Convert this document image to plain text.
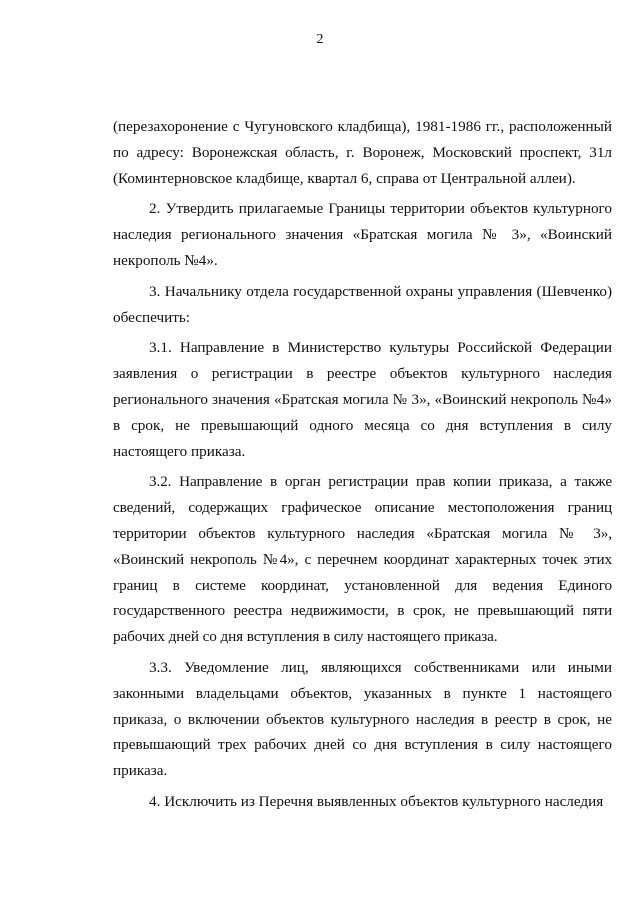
2

(перезахоронение с Чугуновского кладбища), 1981-1986 гг., расположенный по адресу: Воронежская область, г. Воронеж, Московский проспект, 31л (Коминтерновское кладбище, квартал 6, справа от Центральной аллеи).

2. Утвердить прилагаемые Границы территории объектов культурного наследия регионального значения «Братская могила № 3», «Воинский некрополь №4».

3. Начальнику отдела государственной охраны управления (Шевченко) обеспечить:

3.1. Направление в Министерство культуры Российской Федерации заявления о регистрации в реестре объектов культурного наследия регионального значения «Братская могила № 3», «Воинский некрополь №4» в срок, не превышающий одного месяца со дня вступления в силу настоящего приказа.

3.2. Направление в орган регистрации прав копии приказа, а также сведений, содержащих графическое описание местоположения границ территории объектов культурного наследия «Братская могила № 3», «Воинский некрополь №4», с перечнем координат характерных точек этих границ в системе координат, установленной для ведения Единого государственного реестра недвижимости, в срок, не превышающий пяти рабочих дней со дня вступления в силу настоящего приказа.

3.3. Уведомление лиц, являющихся собственниками или иными законными владельцами объектов, указанных в пункте 1 настоящего приказа, о включении объектов культурного наследия в реестр в срок, не превышающий трех рабочих дней со дня вступления в силу настоящего приказа.

4. Исключить из Перечня выявленных объектов культурного наследия
